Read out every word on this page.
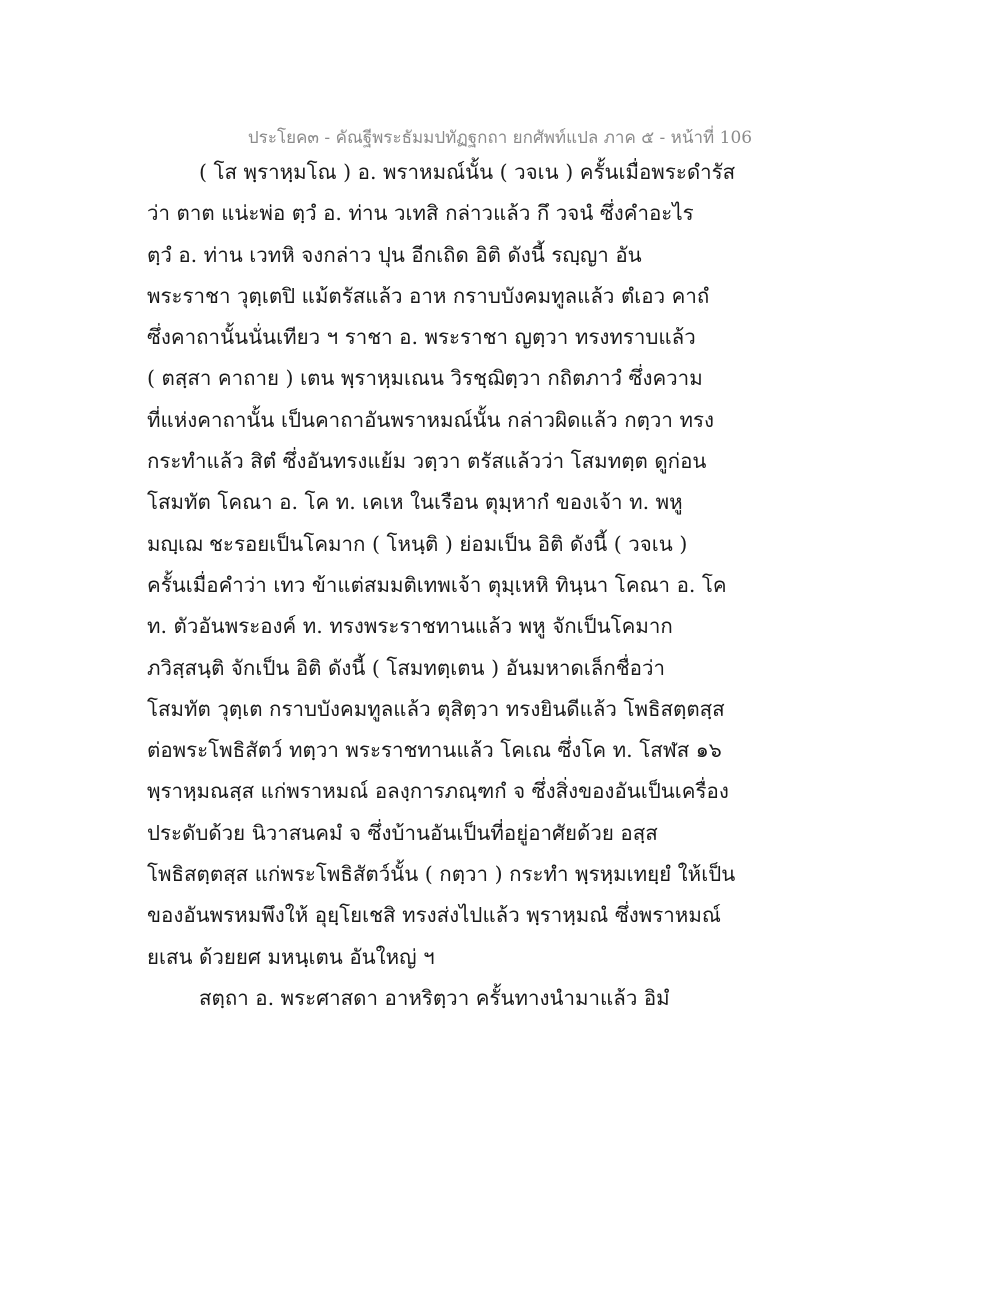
ประโยค๓ - คัณฐีพระธัมมปทัฏฐกถา ยกศัพท์แปล ภาค ๕ - หน้าที่ 106
( โส พฺราหฺมโณ ) อ. พราหมณ์นั้น ( วจเน ) ครั้นเมื่อพระดำรัส
ว่า ตาต แน่ะพ่อ ตฺวํ อ. ท่าน วเทสิ กล่าวแล้ว กึ วจนํ ซึ่งคำอะไร
ตฺวํ อ. ท่าน เวทหิ จงกล่าว ปุน อีกเถิด อิติ ดังนี้ รญฺญา อัน
พระราชา วุตฺเตปิ แม้ตรัสแล้ว อาห กราบบังคมทูลแล้ว ตํเอว คาถํ
ซึ่งคาถานั้นนั่นเทียว ฯ ราชา อ. พระราชา ญตฺวา ทรงทราบแล้ว
( ตสฺสา คาถาย ) เตน พฺราหฺมเณน วิรชฺฌิตฺวา กถิตภาวํ ซึ่งความ
ที่แห่งคาถานั้น เป็นคาถาอันพราหมณ์นั้น กล่าวผิดแล้ว กตฺวา ทรง
กระทำแล้ว สิตํ ซึ่งอันทรงแย้ม วตฺวา ตรัสแล้วว่า โสมทตฺต ดูก่อน
โสมทัต โคณา อ. โค ท. เคเห ในเรือน ตุมฺหากํ ของเจ้า ท. พหู
มญฺเฌ ชะรอยเป็นโคมาก ( โหนฺติ ) ย่อมเป็น อิติ ดังนี้ ( วจเน )
ครั้นเมื่อคำว่า เทว ข้าแต่สมมติเทพเจ้า ตุมฺเหหิ ทินฺนา โคณา อ. โค
ท. ตัวอันพระองค์ ท. ทรงพระราชทานแล้ว พหู จักเป็นโคมาก
ภวิสฺสนฺติ จักเป็น อิติ ดังนี้ ( โสมทตฺเตน ) อันมหาดเล็กชื่อว่า
โสมทัต วุตฺเต กราบบังคมทูลแล้ว ตุสิตฺวา ทรงยินดีแล้ว โพธิสตฺตสฺส
ต่อพระโพธิสัตว์ ทตฺวา พระราชทานแล้ว โคเณ ซึ่งโค ท. โสฬส ๑๖
พฺราหฺมณสฺส แก่พราหมณ์ อลงฺการภณฺฑกํ จ ซึ่งสิ่งของอันเป็นเครื่อง
ประดับด้วย นิวาสนคมํ จ ซึ่งบ้านอันเป็นที่อยู่อาศัยด้วย อสฺส
โพธิสตฺตสฺส แก่พระโพธิสัตว์นั้น ( กตฺวา ) กระทำ พฺรหฺมเทยฺยํ ให้เป็น
ของอันพรหมพึงให้ อุยฺโยเชสิ ทรงส่งไปแล้ว พฺราหฺมณํ ซึ่งพราหมณ์
ยเสน ด้วยยศ มหนฺเตน อันใหญ่ ฯ
สตฺถา อ. พระศาสดา อาหริตฺวา ครั้นทางนำมาแล้ว อิมํ
